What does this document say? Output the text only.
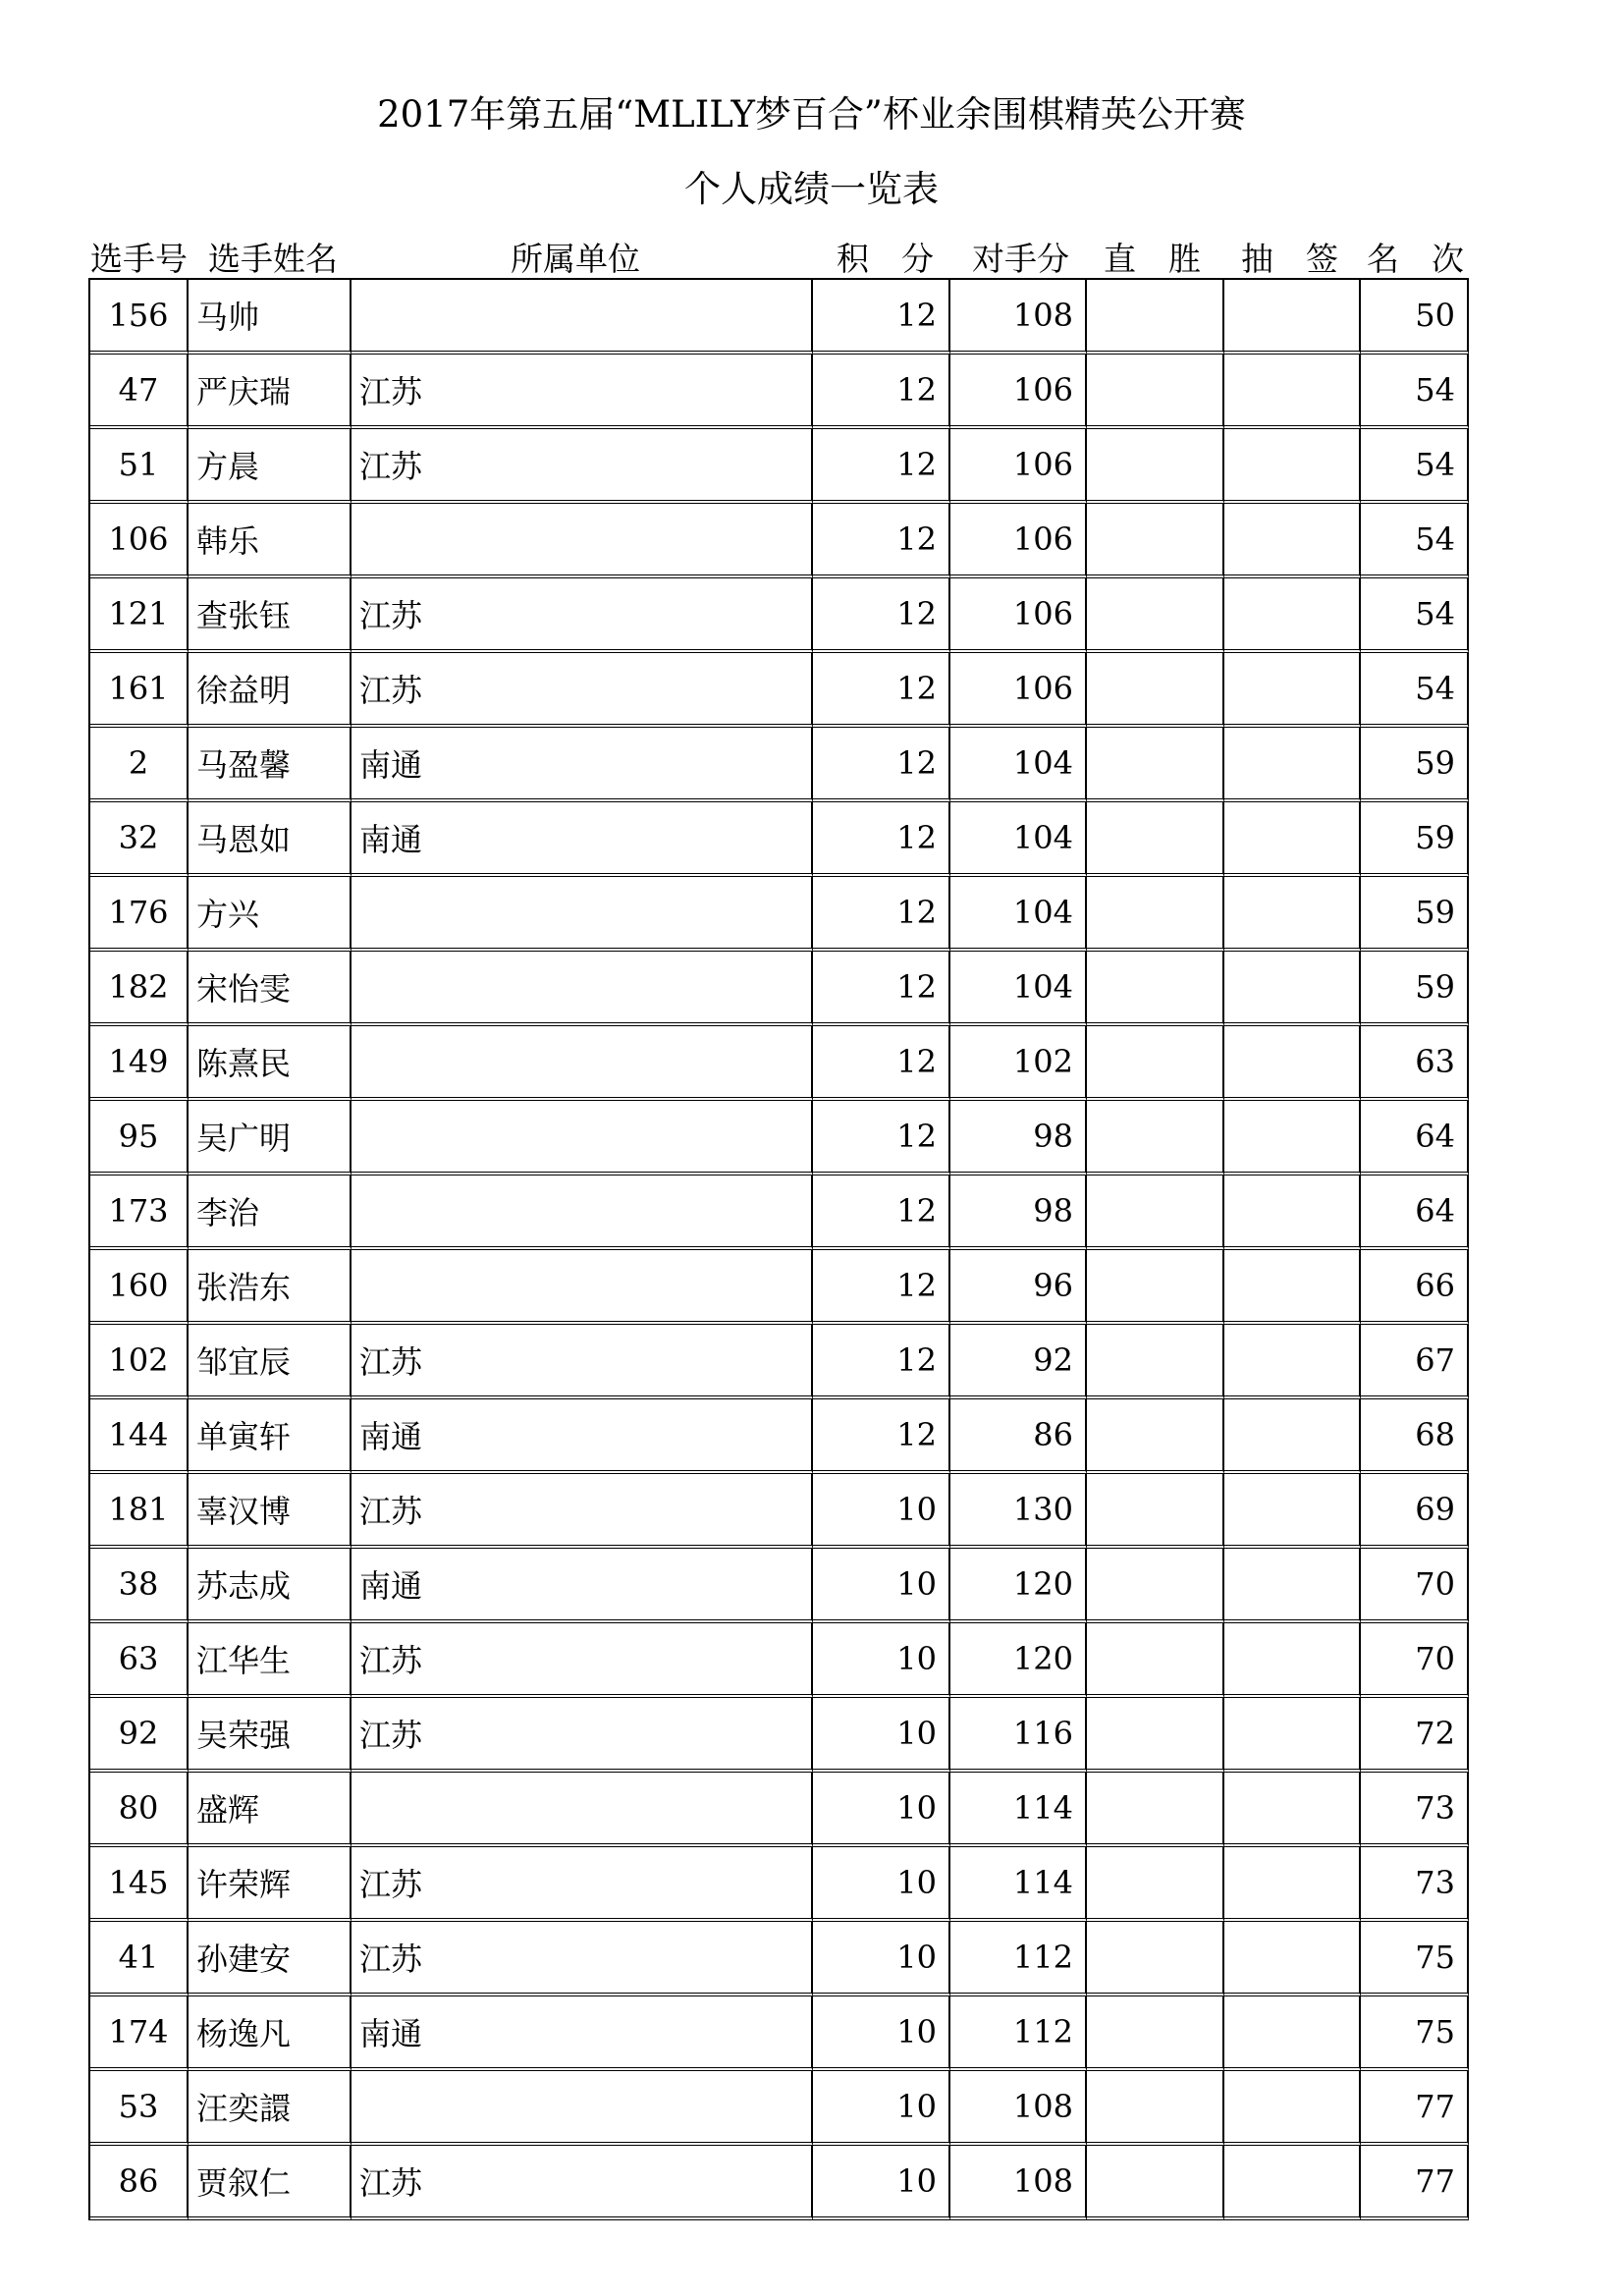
2017年第五届“MLILY梦百合”杯业余围棋精英公开赛
个人成绩一览表
选手号 选手姓名	所属单位	积　分 对手分 直　胜 抽　签 名　次
156	马帅		12	108			50
47	严庆瑞	江苏	12	106			54
51	方晨	江苏	12	106			54
106	韩乐		12	106			54
121	查张钰	江苏	12	106			54
161	徐益明	江苏	12	106			54
2	马盈馨	南通	12	104			59
32	马恩如	南通	12	104			59
176	方兴		12	104			59
182	宋怡雯		12	104			59
149	陈熹民		12	102			63
95	吴广明		12	98			64
173	李治		12	98			64
160	张浩东		12	96			66
102	邹宜辰	江苏	12	92			67
144	单寅轩	南通	12	86			68
181	辜汉博	江苏	10	130			69
38	苏志成	南通	10	120			70
63	江华生	江苏	10	120			70
92	吴荣强	江苏	10	116			72
80	盛辉		10	114			73
145	许荣辉	江苏	10	114			73
41	孙建安	江苏	10	112			75
174	杨逸凡	南通	10	112			75
53	汪奕譞		10	108			77
86	贾叙仁	江苏	10	108			77
